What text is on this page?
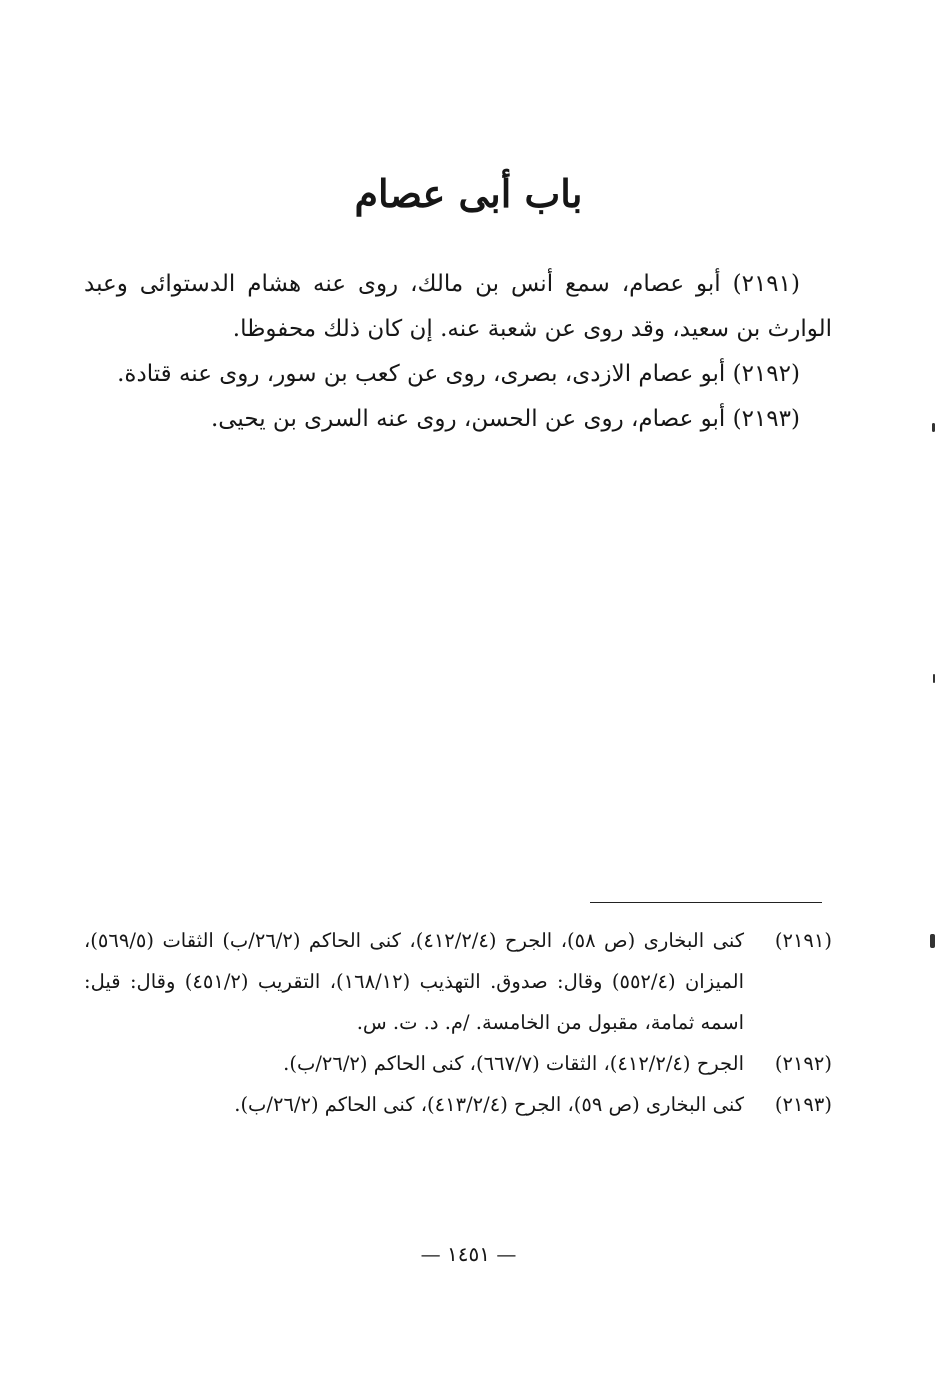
باب أبى عصام

(٢١٩١) أبو عصام، سمع أنس بن مالك، روى عنه هشام الدستوائى وعبد الوارث بن سعيد، وقد روى عن شعبة عنه. إن كان ذلك محفوظا.

(٢١٩٢) أبو عصام الازدى، بصرى، روى عن كعب بن سور، روى عنه قتادة.

(٢١٩٣) أبو عصام، روى عن الحسن، روى عنه السرى بن يحيى.

(٢١٩١)
كنى البخارى (ص ٥٨)، الجرح (٤١٢/٢/٤)، كنى الحاكم (٢٦/٢/ب) الثقات (٥٦٩/٥)، الميزان (٥٥٢/٤) وقال: صدوق. التهذيب (١٦٨/١٢)، التقريب (٤٥١/٢) وقال: قيل: اسمه ثمامة، مقبول من الخامسة. /م. د. ت. س.
(٢١٩٢)
الجرح (٤١٢/٢/٤)، الثقات (٦٦٧/٧)، كنى الحاكم (٢٦/٢/ب).
(٢١٩٣)
كنى البخارى (ص ٥٩)، الجرح (٤١٣/٢/٤)، كنى الحاكم (٢٦/٢/ب).
— ١٤٥١ —
